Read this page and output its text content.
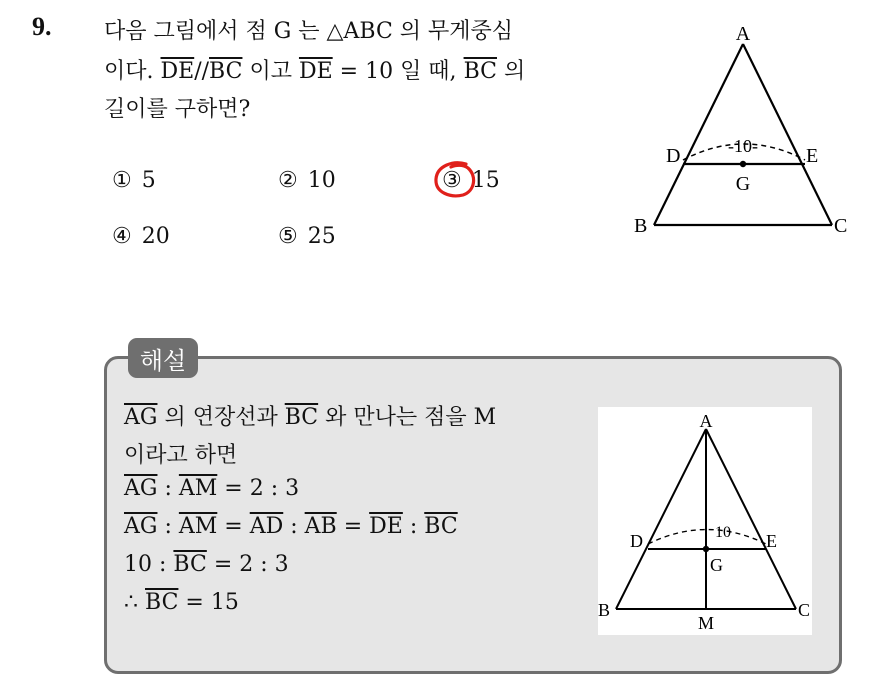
9. 다음 그림에서 점 G 는 △ABC 의 무게중심
이다. $\overline{DE}//\overline{BC}$ 이고 $\overline{DE} = 10$ 일 때, $\overline{BC}$ 의
길이를 구하면?
① 5	② 10	③ 15
④ 20	⑤ 25
A
B	C
D	E
G
-10-
해설
$\overline{AG}$ 의 연장선과 $\overline{BC}$ 와 만나는 점을 M
이라고 하면
$\overline{AG}$ : $\overline{AM} = 2$ : 3
$\overline{AG}$ : $\overline{AM} = \overline{AD}$ : $\overline{AB} = \overline{DE}$ : $\overline{BC}$
10 : $\overline{BC} = 2$ : 3
∴ $\overline{BC} = 15$
A
B	C
D	E
G
M
10
